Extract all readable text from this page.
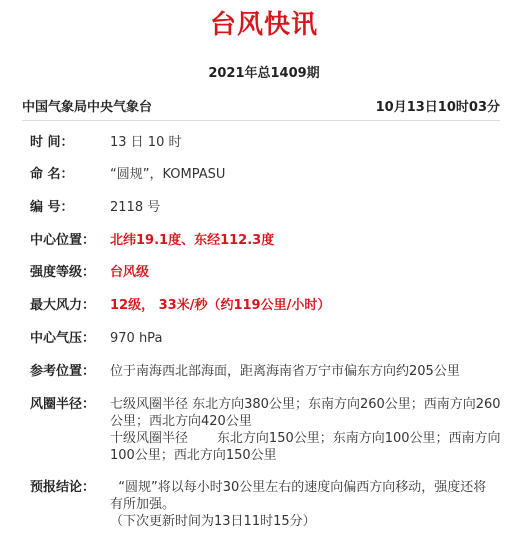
台风快讯
2021年总1409期
中国气象局中央气象台	10月13日10时03分
时 间：	13 日 10 时
命 名：	“圆规”，KOMPASU
编 号：	2118 号
中心位置：	北纬19.1度、东经112.3度
强度等级：	台风级
最大风力：	12级， 33米/秒（约119公里/小时）
中心气压：	970 hPa
参考位置：	位于南海西北部海面，距离海南省万宁市偏东方向约205公里
风圈半径：	七级风圈半径 东北方向380公里；东南方向260公里；西南方向260
公里；西北方向420公里
十级风圈半径       东北方向150公里；东南方向100公里；西南方向
100公里；西北方向150公里
预报结论：	“圆规”将以每小时30公里左右的速度向偏西方向移动，强度还将
有所加强。
（下次更新时间为13日11时15分）
